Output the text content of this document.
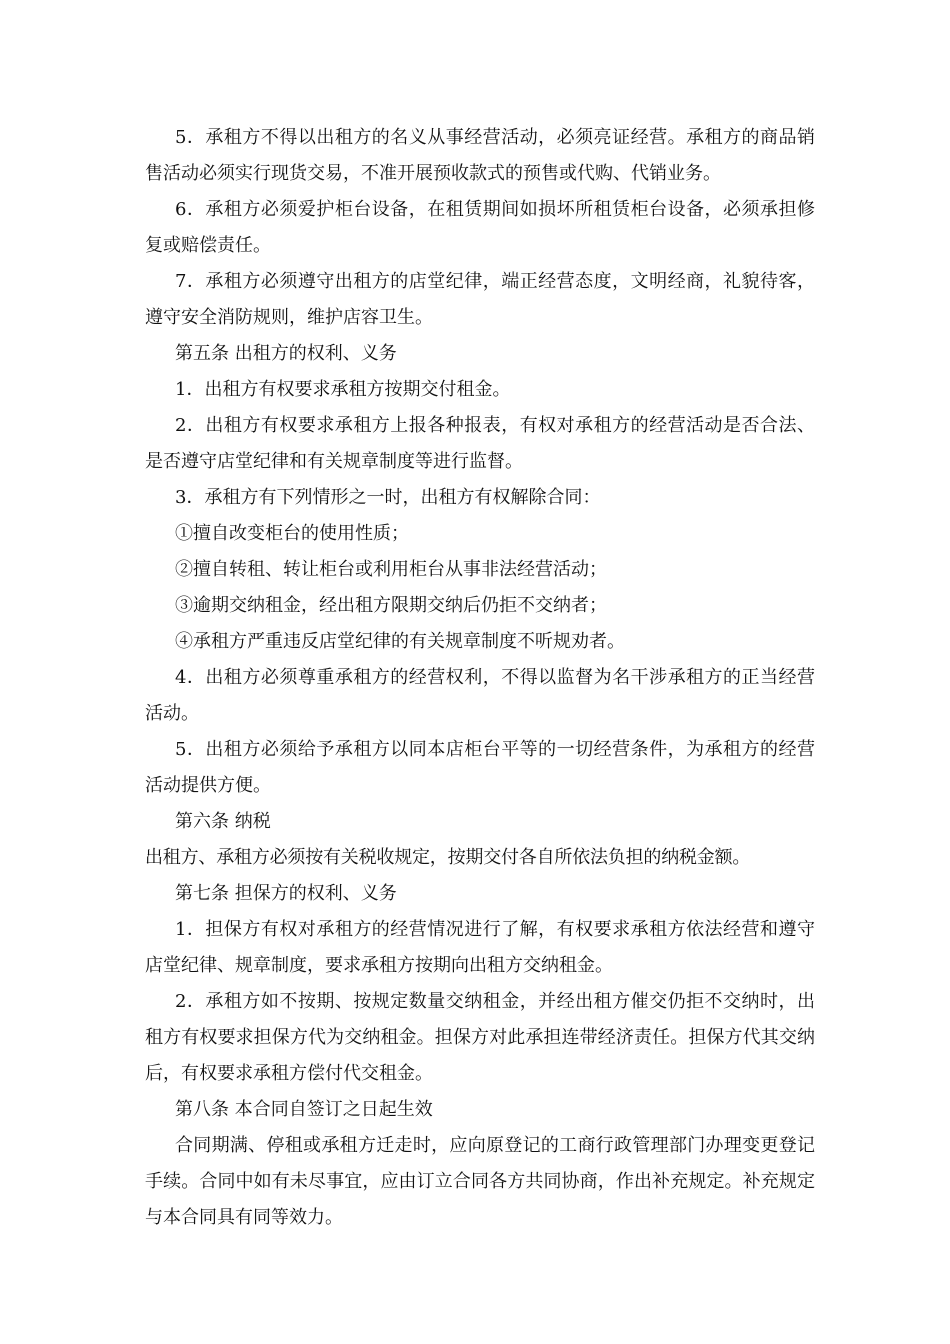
5．承租方不得以出租方的名义从事经营活动，必须亮证经营。承租方的商品销售活动必须实行现货交易，不准开展预收款式的预售或代购、代销业务。

6．承租方必须爱护柜台设备，在租赁期间如损坏所租赁柜台设备，必须承担修复或赔偿责任。

7．承租方必须遵守出租方的店堂纪律，端正经营态度，文明经商，礼貌待客，遵守安全消防规则，维护店容卫生。

第五条 出租方的权利、义务

1．出租方有权要求承租方按期交付租金。

2．出租方有权要求承租方上报各种报表，有权对承租方的经营活动是否合法、是否遵守店堂纪律和有关规章制度等进行监督。

3．承租方有下列情形之一时，出租方有权解除合同：

①擅自改变柜台的使用性质；

②擅自转租、转让柜台或利用柜台从事非法经营活动；

③逾期交纳租金，经出租方限期交纳后仍拒不交纳者；

④承租方严重违反店堂纪律的有关规章制度不听规劝者。

4．出租方必须尊重承租方的经营权利，不得以监督为名干涉承租方的正当经营活动。

5．出租方必须给予承租方以同本店柜台平等的一切经营条件，为承租方的经营活动提供方便。

第六条 纳税

出租方、承租方必须按有关税收规定，按期交付各自所依法负担的纳税金额。

第七条 担保方的权利、义务

1．担保方有权对承租方的经营情况进行了解，有权要求承租方依法经营和遵守店堂纪律、规章制度，要求承租方按期向出租方交纳租金。

2．承租方如不按期、按规定数量交纳租金，并经出租方催交仍拒不交纳时，出租方有权要求担保方代为交纳租金。担保方对此承担连带经济责任。担保方代其交纳后，有权要求承租方偿付代交租金。

第八条 本合同自签订之日起生效

合同期满、停租或承租方迁走时，应向原登记的工商行政管理部门办理变更登记手续。合同中如有未尽事宜，应由订立合同各方共同协商，作出补充规定。补充规定与本合同具有同等效力。
